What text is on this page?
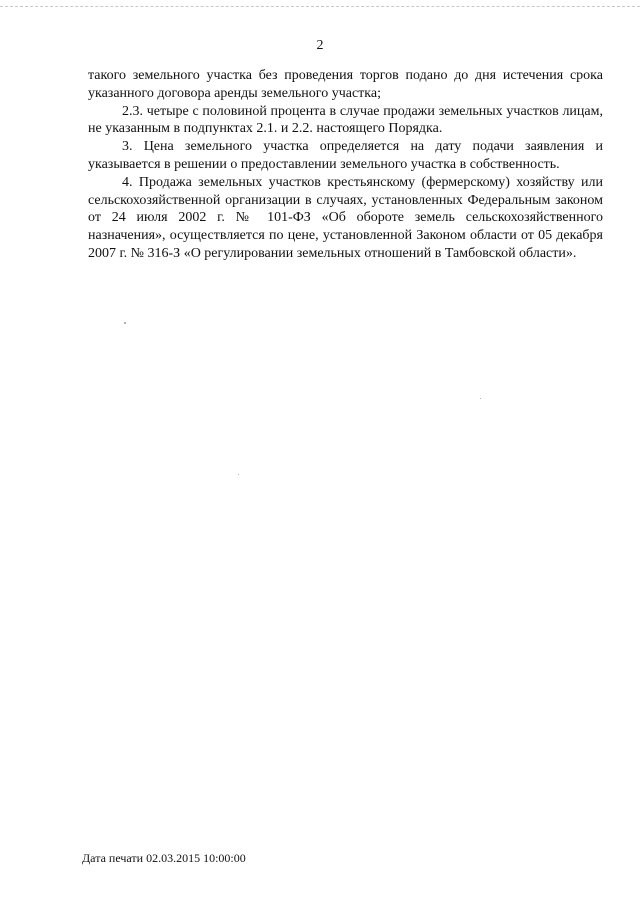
2

такого земельного участка без проведения торгов подано до дня истечения срока указанного договора аренды земельного участка;

2.3. четыре с половиной процента в случае продажи земельных участков лицам, не указанным в подпунктах 2.1. и 2.2. настоящего Порядка.

3. Цена земельного участка определяется на дату подачи заявления и указывается в решении о предоставлении земельного участка в собственность.

4. Продажа земельных участков крестьянскому (фермерскому) хозяйству или сельскохозяйственной организации в случаях, установленных Федеральным законом от 24 июля 2002 г. № 101-ФЗ «Об обороте земель сельскохозяйственного назначения», осуществляется по цене, установленной Законом области от 05 декабря 2007 г. № 316-З «О регулировании земельных отношений в Тамбовской области».

Дата печати 02.03.2015 10:00:00
